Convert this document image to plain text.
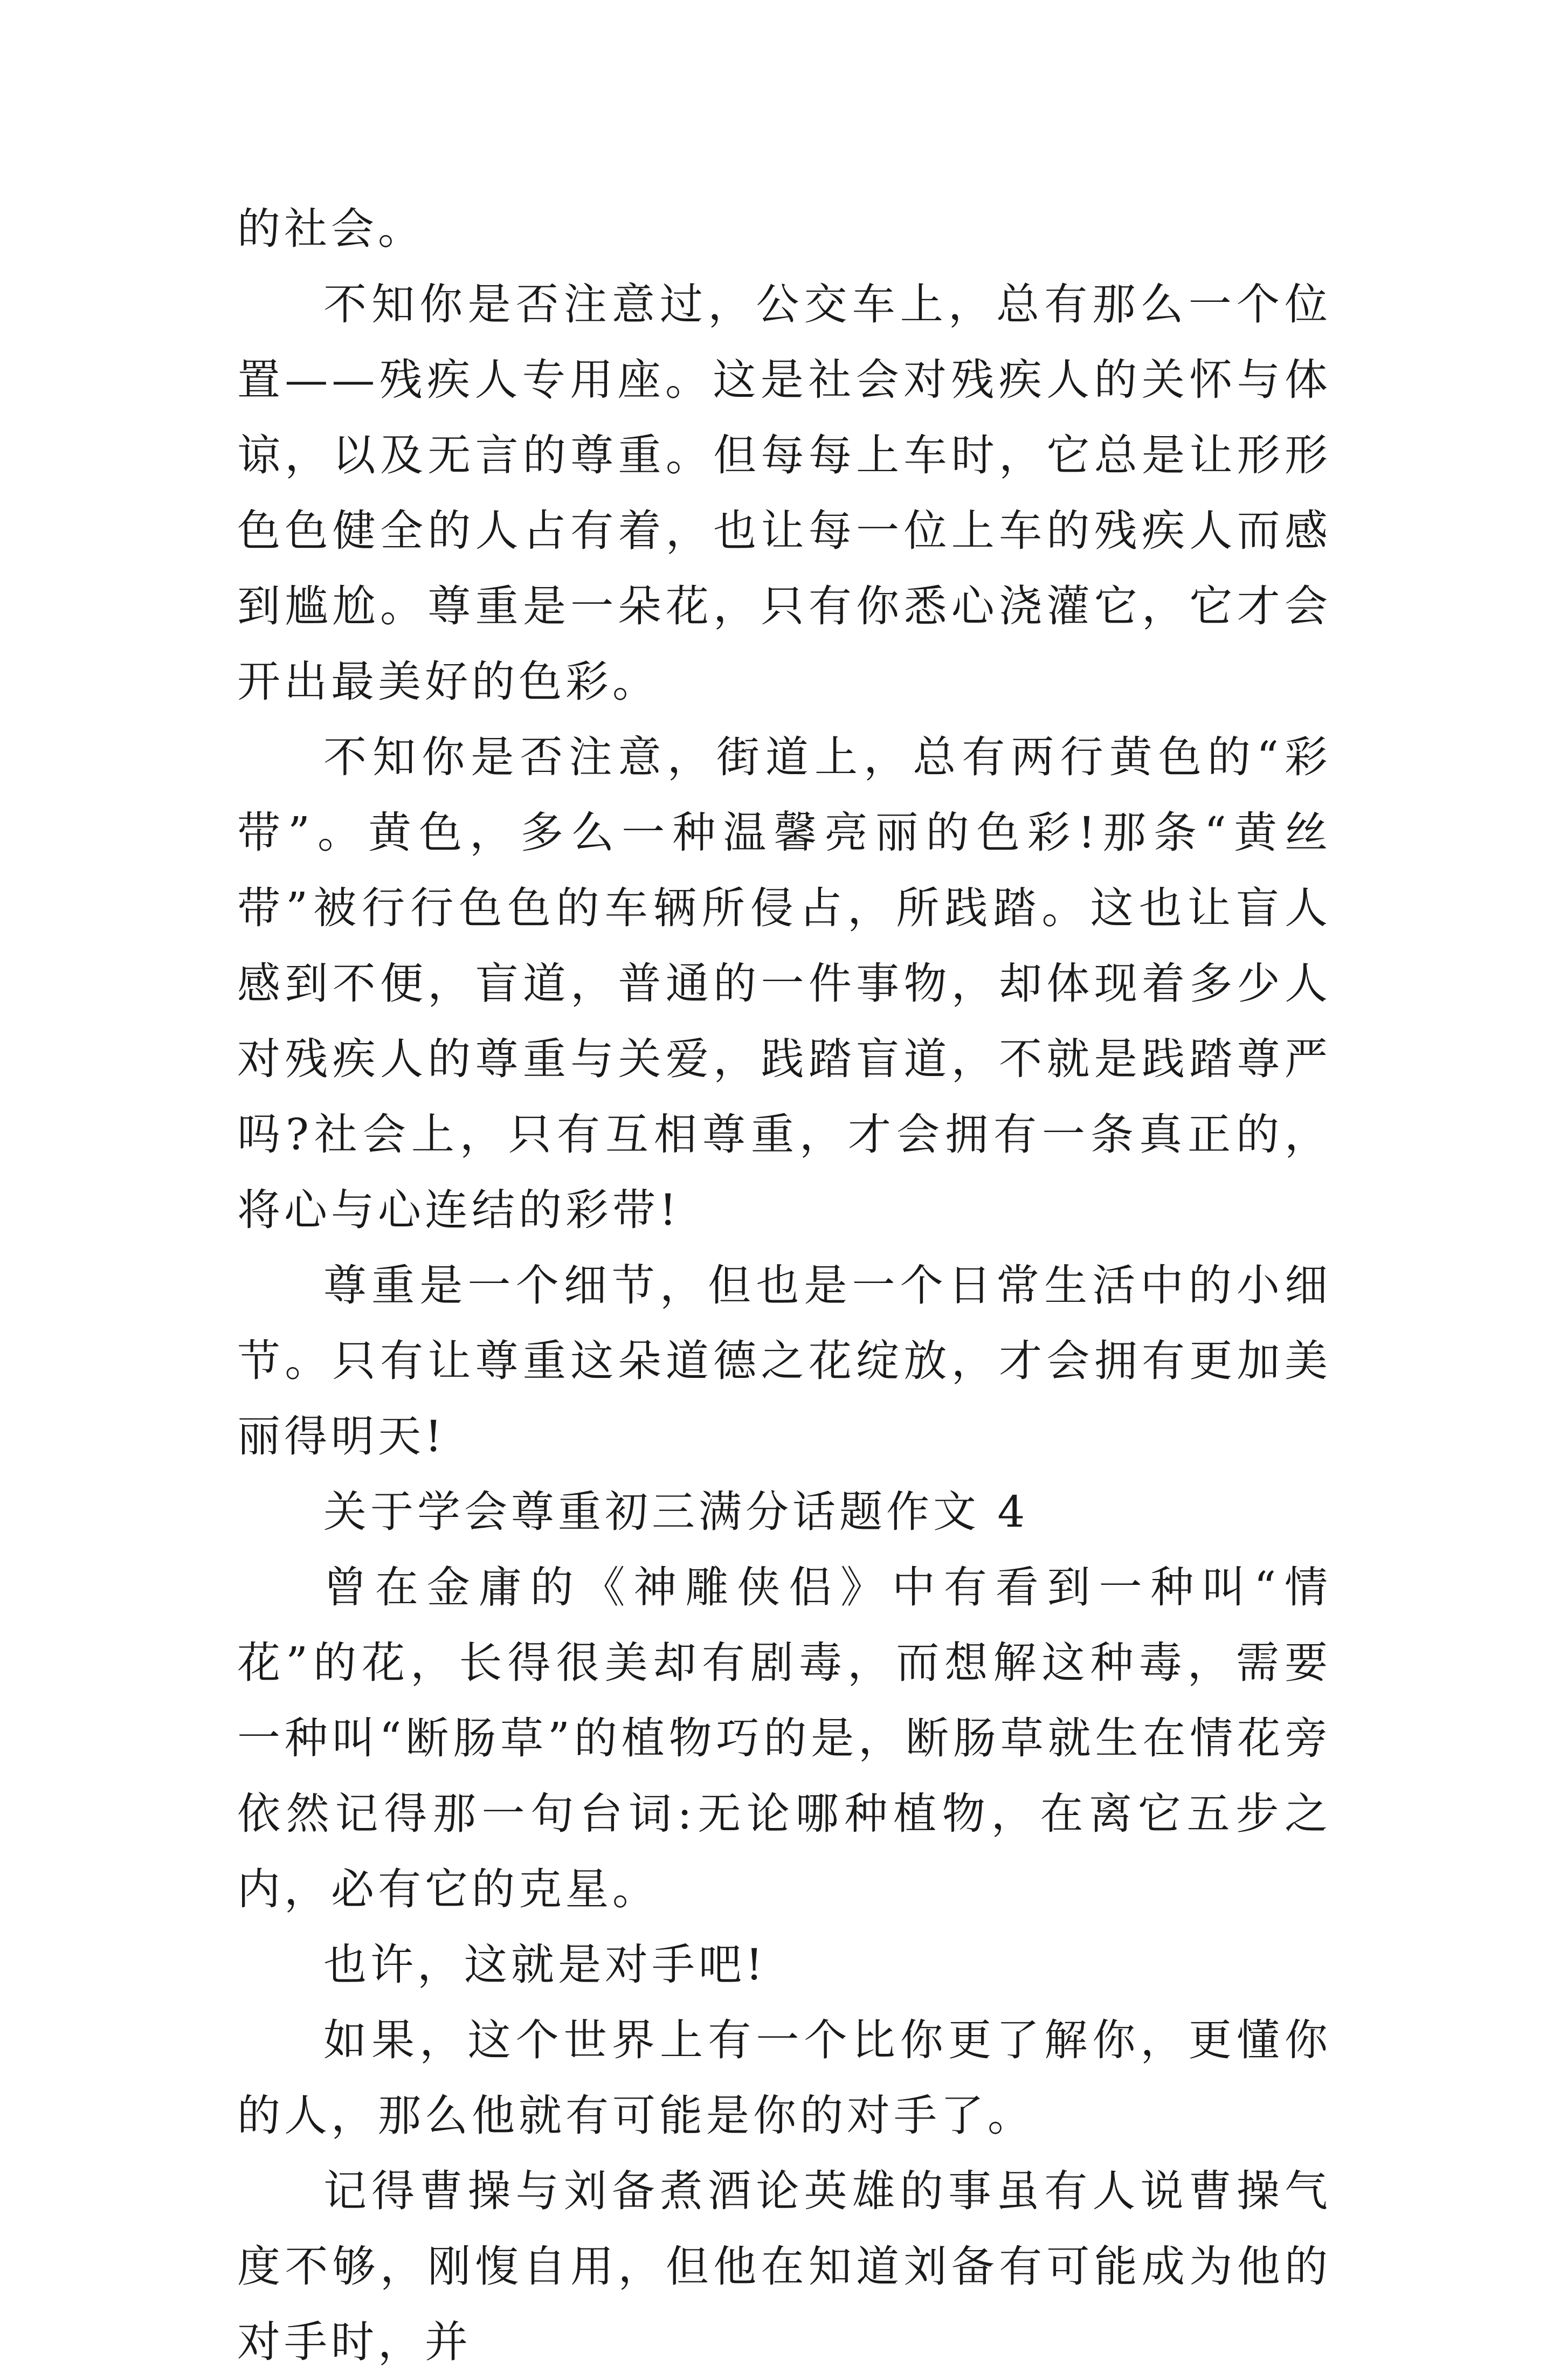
的社会。

不知你是否注意过，公交车上，总有那么一个位置——残疾人专用座。这是社会对残疾人的关怀与体谅，以及无言的尊重。但每每上车时，它总是让形形色色健全的人占有着，也让每一位上车的残疾人而感到尴尬。尊重是一朵花，只有你悉心浇灌它，它才会开出最美好的色彩。

不知你是否注意，街道上，总有两行黄色的“彩带”。黄色，多么一种温馨亮丽的色彩!那条“黄丝带”被行行色色的车辆所侵占，所践踏。这也让盲人感到不便，盲道，普通的一件事物，却体现着多少人对残疾人的尊重与关爱，践踏盲道，不就是践踏尊严吗?社会上，只有互相尊重，才会拥有一条真正的，将心与心连结的彩带!

尊重是一个细节，但也是一个日常生活中的小细节。只有让尊重这朵道德之花绽放，才会拥有更加美丽得明天!

关于学会尊重初三满分话题作文 4

曾在金庸的《神雕侠侣》中有看到一种叫“情花”的花，长得很美却有剧毒，而想解这种毒，需要一种叫“断肠草”的植物巧的是，断肠草就生在情花旁依然记得那一句台词:无论哪种植物，在离它五步之内，必有它的克星。

也许，这就是对手吧!

如果，这个世界上有一个比你更了解你，更懂你的人，那么他就有可能是你的对手了。

记得曹操与刘备煮酒论英雄的事虽有人说曹操气度不够，刚愎自用，但他在知道刘备有可能成为他的对手时，并
